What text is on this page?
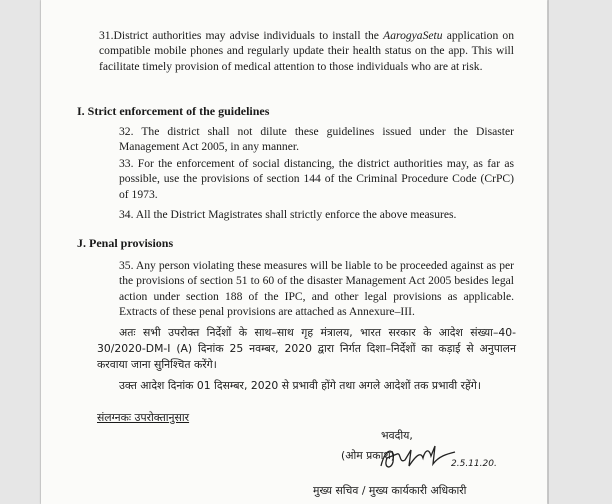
31.District authorities may advise individuals to install the AarogyaSetu application on compatible mobile phones and regularly update their health status on the app. This will facilitate timely provision of medical attention to those individuals who are at risk.

I. Strict enforcement of the guidelines

32. The district shall not dilute these guidelines issued under the Disaster Management Act 2005, in any manner.

33. For the enforcement of social distancing, the district authorities may, as far as possible, use the provisions of section 144 of the Criminal Procedure Code (CrPC) of 1973.

34. All the District Magistrates shall strictly enforce the above measures.

J. Penal provisions

35. Any person violating these measures will be liable to be proceeded against as per the provisions of section 51 to 60 of the disaster Management Act 2005 besides legal action under section 188 of the IPC, and other legal provisions as applicable. Extracts of these penal provisions are attached as Annexure–III.

अतः सभी उपरोक्त निर्देशों के साथ–साथ गृह मंत्रालय, भारत सरकार के आदेश संख्या–40-30/2020-DM-I (A) दिनांक 25 नवम्बर, 2020 द्वारा निर्गत दिशा–निर्देशों का कड़ाई से अनुपालन करवाया जाना सुनिश्चित करेंगे।

उक्त आदेश दिनांक 01 दिसम्बर, 2020 से प्रभावी होंगे तथा अगले आदेशों तक प्रभावी रहेंगे।

संलग्नकः उपरोक्तानुसार

भवदीय,

2.5.11.20.

(ओम प्रकाश)

मुख्य सचिव / मुख्य कार्यकारी अधिकारी
